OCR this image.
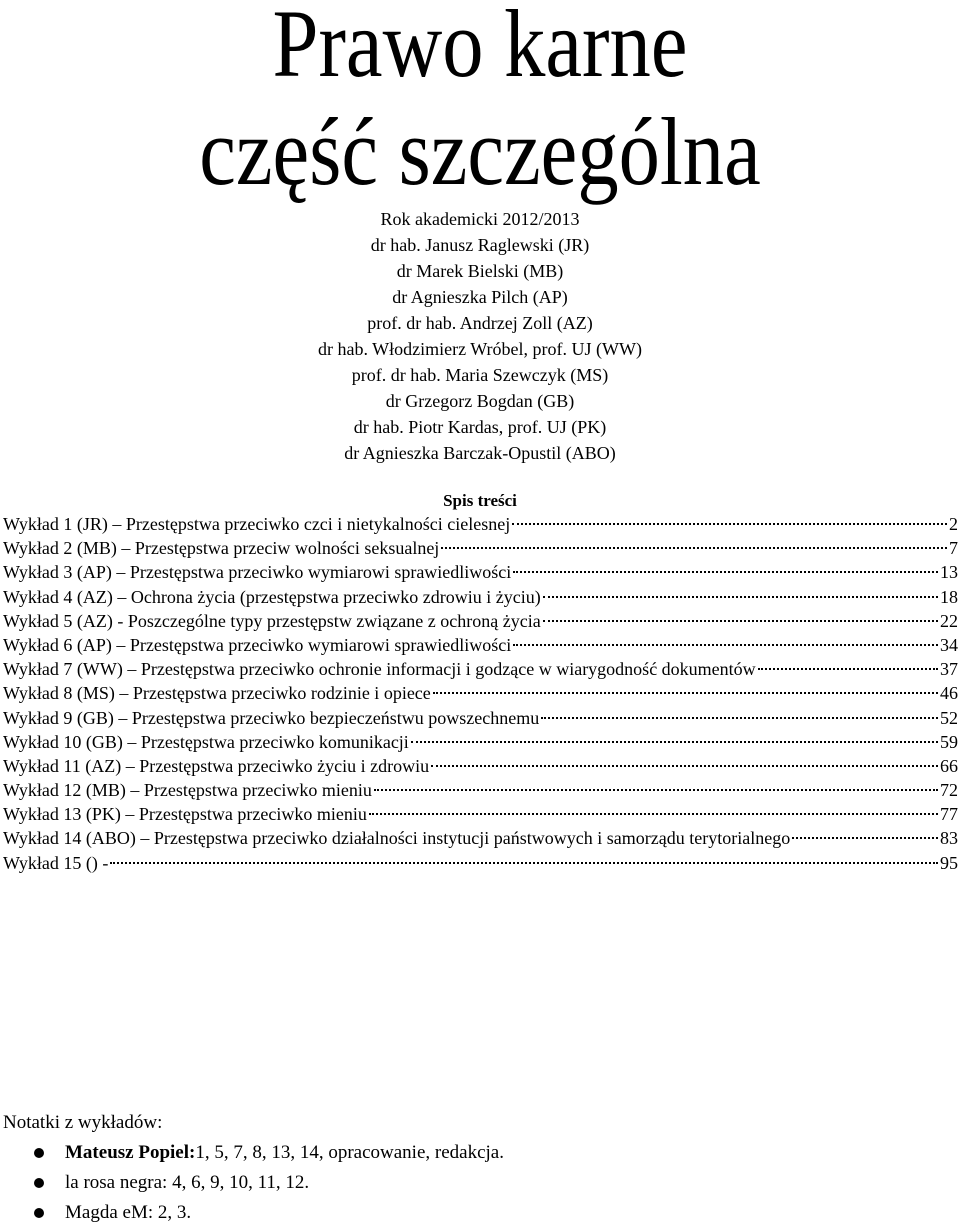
Prawo karne
część szczególna
Rok akademicki 2012/2013
dr hab. Janusz Raglewski (JR)
dr Marek Bielski (MB)
dr Agnieszka Pilch (AP)
prof. dr hab. Andrzej Zoll (AZ)
dr hab. Włodzimierz Wróbel, prof. UJ (WW)
prof. dr hab. Maria Szewczyk (MS)
dr Grzegorz Bogdan (GB)
dr hab. Piotr Kardas, prof. UJ (PK)
dr Agnieszka Barczak-Opustil (ABO)
Spis treści
Wykład 1 (JR) – Przestępstwa przeciwko czci i nietykalności cielesnej	2
Wykład 2 (MB) – Przestępstwa przeciw wolności seksualnej	7
Wykład 3 (AP) – Przestępstwa przeciwko wymiarowi sprawiedliwości	13
Wykład 4 (AZ) – Ochrona życia (przestępstwa przeciwko zdrowiu i życiu)	18
Wykład 5 (AZ) - Poszczególne typy przestępstw związane z ochroną życia	22
Wykład 6 (AP) – Przestępstwa przeciwko wymiarowi sprawiedliwości	34
Wykład 7 (WW) – Przestępstwa przeciwko ochronie informacji i godzące w wiarygodność dokumentów	37
Wykład 8 (MS) – Przestępstwa przeciwko rodzinie i opiece	46
Wykład 9 (GB) – Przestępstwa przeciwko bezpieczeństwu powszechnemu	52
Wykład 10 (GB) – Przestępstwa przeciwko komunikacji	59
Wykład 11 (AZ) – Przestępstwa przeciwko życiu i zdrowiu	66
Wykład 12 (MB) – Przestępstwa przeciwko mieniu	72
Wykład 13 (PK) – Przestępstwa przeciwko mieniu	77
Wykład 14 (ABO) – Przestępstwa przeciwko działalności instytucji państwowych i samorządu terytorialnego	83
Wykład 15 () -	95
Notatki z wykładów:
Mateusz Popiel: 1, 5, 7, 8, 13, 14, opracowanie, redakcja.
la rosa negra: 4, 6, 9, 10, 11, 12.
Magda eM: 2, 3.
